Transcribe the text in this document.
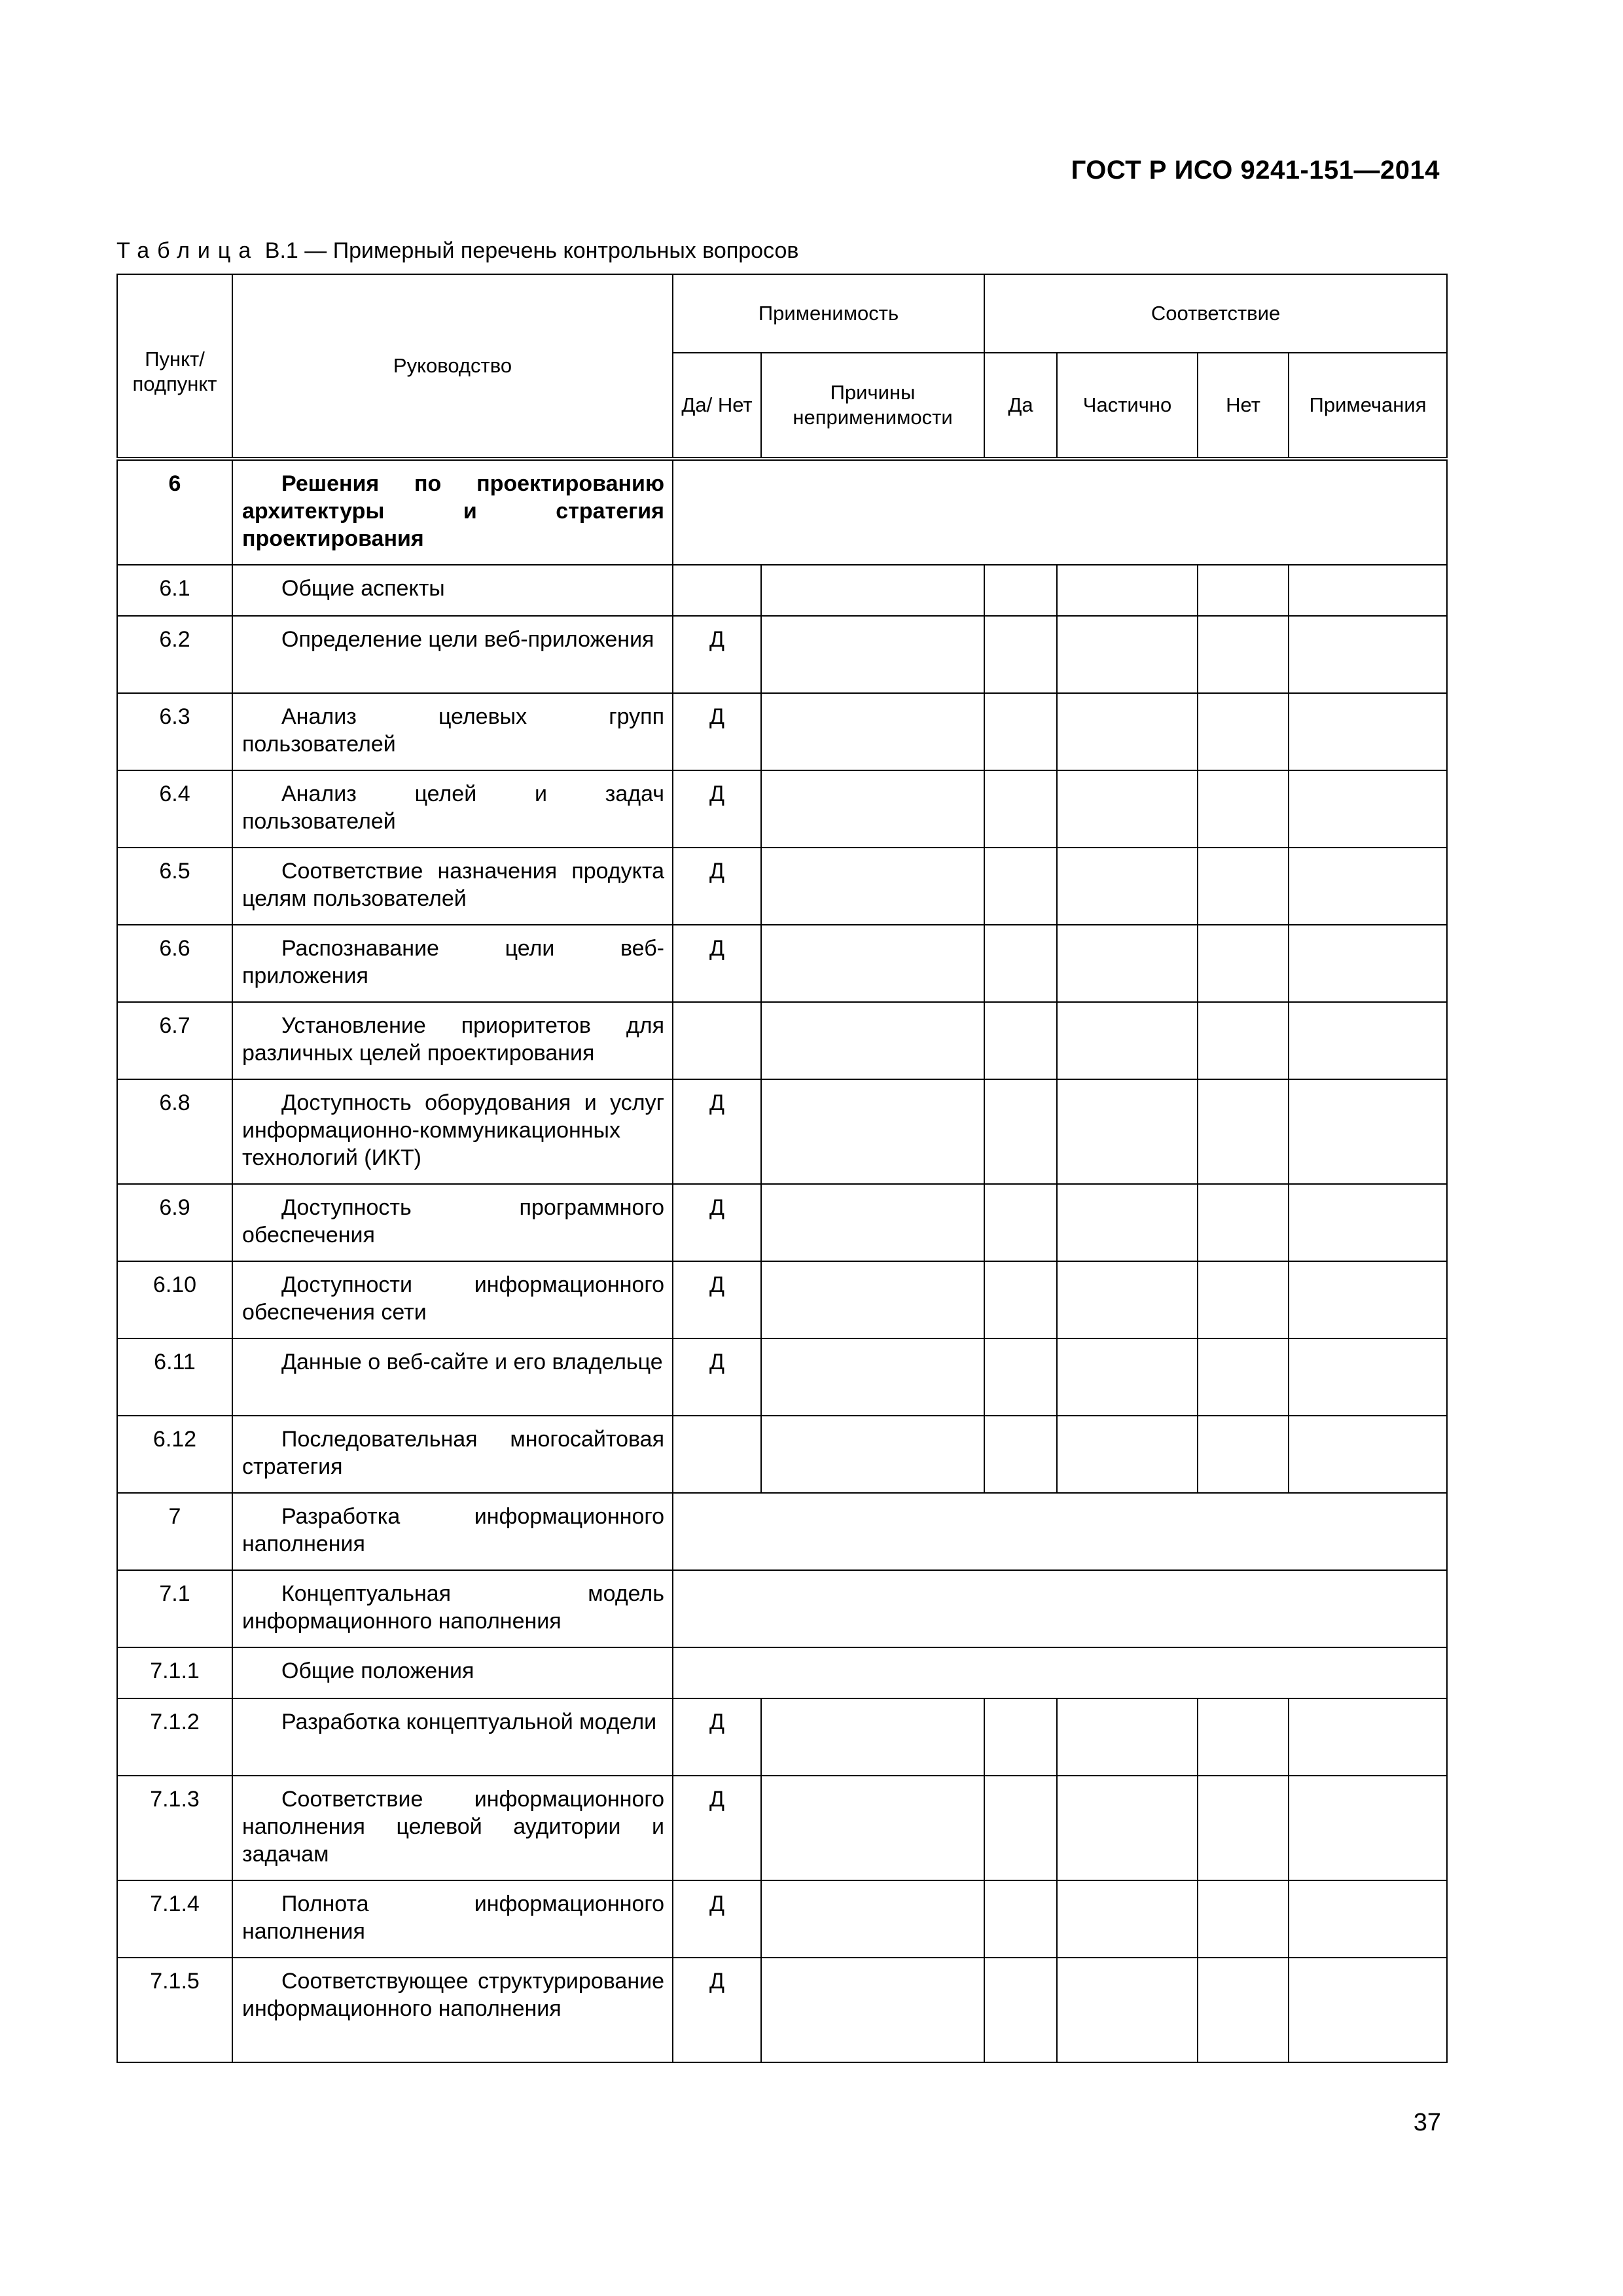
ГОСТ Р ИСО 9241-151—2014
Таблица В.1 — Примерный перечень контрольных вопросов
Пункт/ подпункт	Руководство	Применимость		Соответствие			
		Да/ Нет	Причины неприменимости	Да	Частично	Нет	Примечания
6	Решения по проектированию архитектуры и стратегия проектирования						

6.1	Общие аспекты						

6.2	Определение цели веб-приложения	Д					
6.3	Анализ целевых групп пользователей	Д					
6.4	Анализ целей и задач пользователей	Д					
6.5	Соответствие назначения продукта целям пользователей	Д					
6.6	Распознавание цели веб-приложения	Д					
6.7	Установление приоритетов для различных целей проектирования						

6.8	Доступность оборудования и услуг информационно-коммуникационных технологий (ИКТ)	Д					
6.9	Доступность программного обеспечения	Д					
6.10	Доступности информационного обеспечения сети	Д					
6.11	Данные о веб-сайте и его владельце	Д					
6.12	Последовательная многосайтовая стратегия						

7	Разработка информационного наполнения						

7.1	Концептуальная модель информационного наполнения						

7.1.1	Общие положения						

7.1.2	Разработка концептуальной модели	Д					
7.1.3	Соответствие информационного наполнения целевой аудитории и задачам	Д					
7.1.4	Полнота информационного наполнения	Д					
7.1.5	Соответствующее структурирование информационного наполнения	Д					
37
